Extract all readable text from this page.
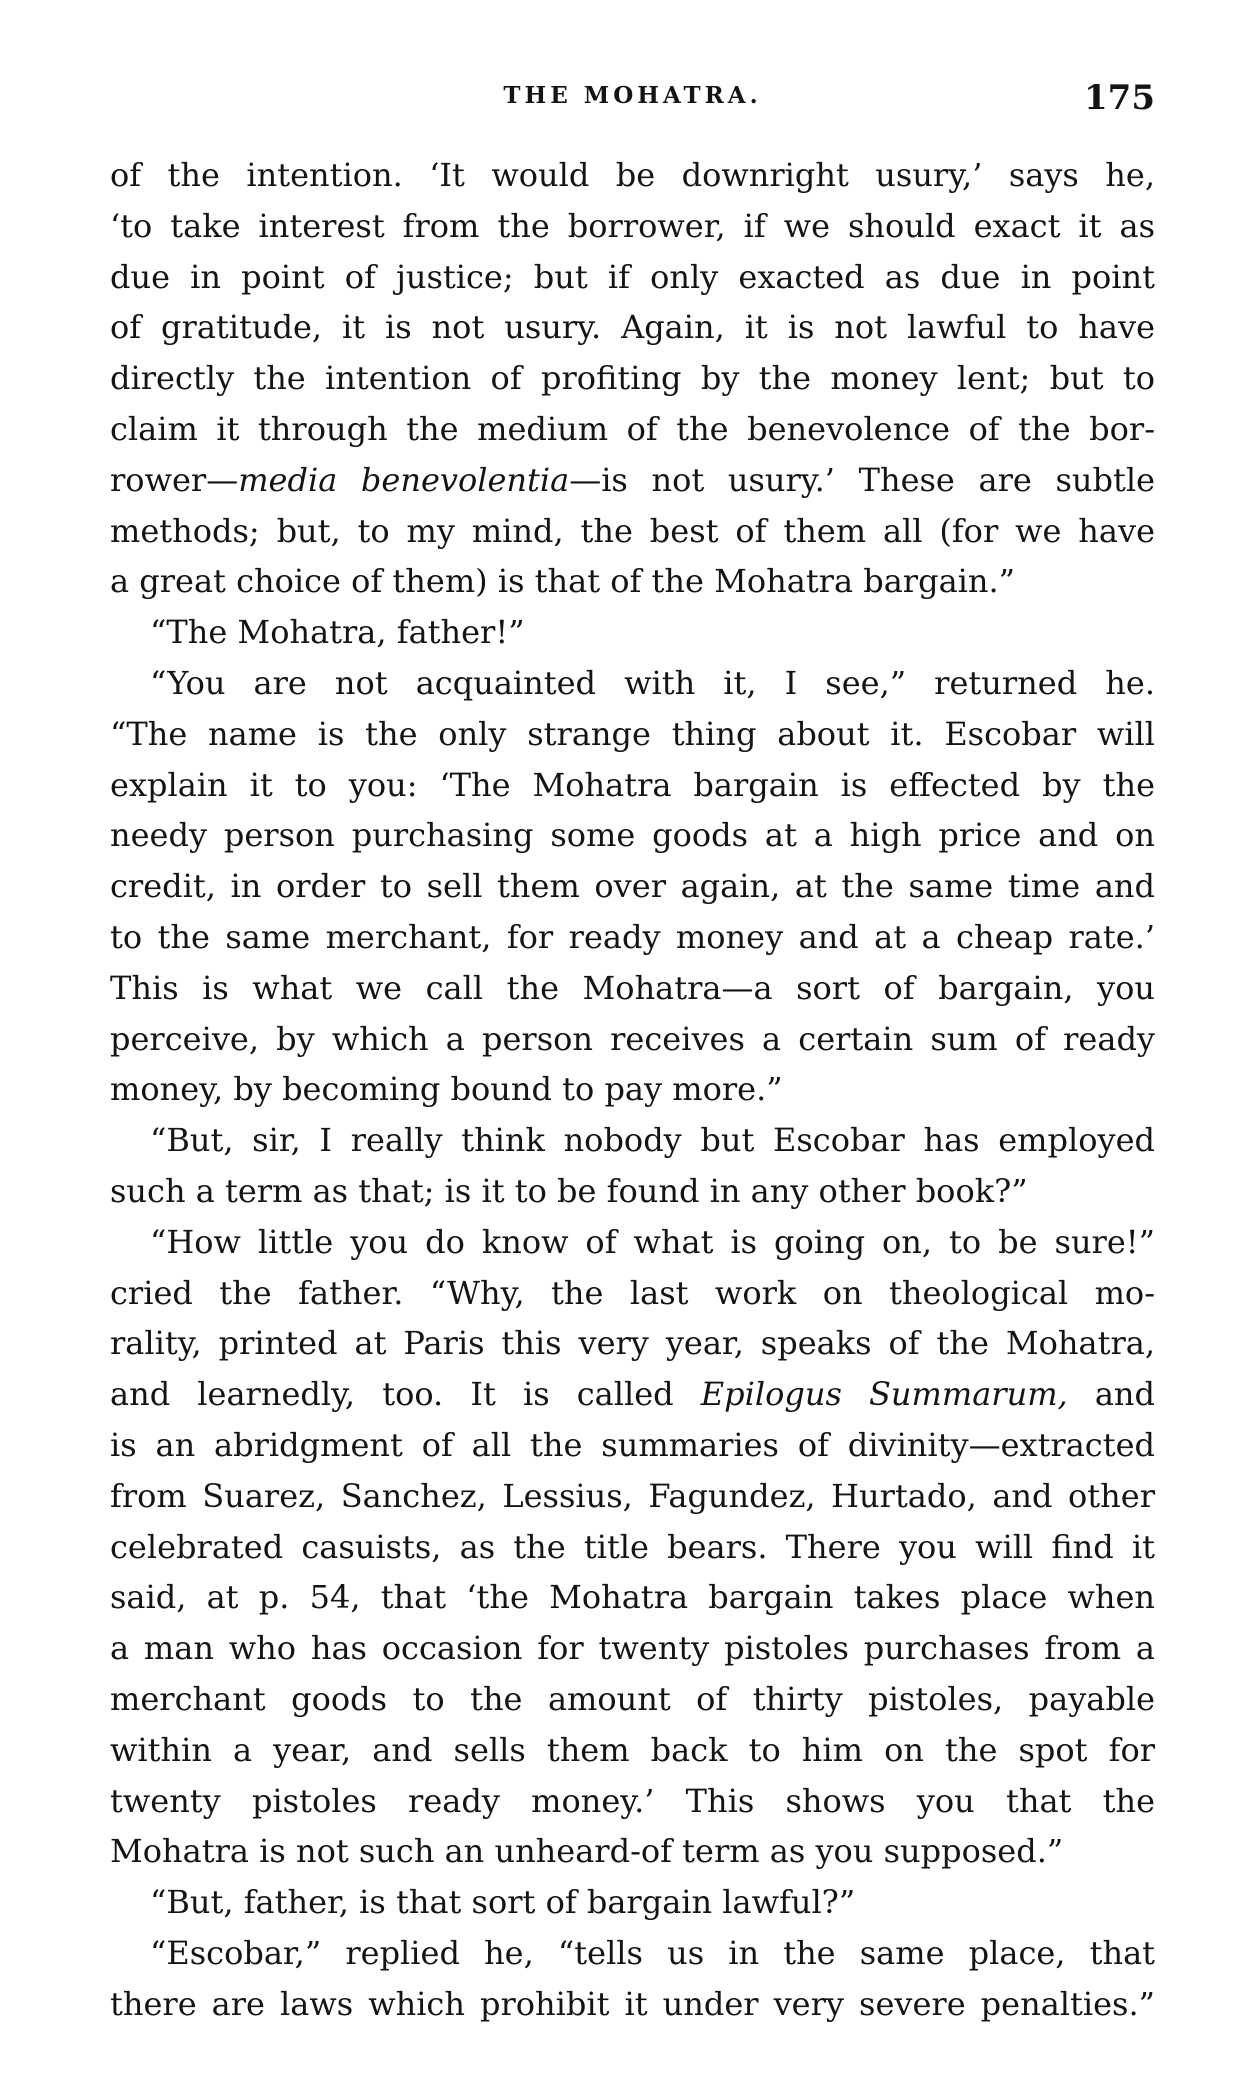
THE MOHATRA.	175
of the intention. ‘It would be downright usury,’ says he,
‘to take interest from the borrower, if we should exact it as
due in point of justice; but if only exacted as due in point
of gratitude, it is not usury. Again, it is not lawful to have
directly the intention of profiting by the money lent; but to
claim it through the medium of the benevolence of the bor-
rower—media benevolentia—is not usury.’ These are subtle
methods; but, to my mind, the best of them all (for we have
a great choice of them) is that of the Mohatra bargain.”
“The Mohatra, father!”
“You are not acquainted with it, I see,” returned he.
“The name is the only strange thing about it. Escobar will
explain it to you: ‘The Mohatra bargain is effected by the
needy person purchasing some goods at a high price and on
credit, in order to sell them over again, at the same time and
to the same merchant, for ready money and at a cheap rate.’
This is what we call the Mohatra—a sort of bargain, you
perceive, by which a person receives a certain sum of ready
money, by becoming bound to pay more.”
“But, sir, I really think nobody but Escobar has employed
such a term as that; is it to be found in any other book?”
“How little you do know of what is going on, to be sure!”
cried the father. “Why, the last work on theological mo-
rality, printed at Paris this very year, speaks of the Mohatra,
and learnedly, too. It is called Epilogus Summarum, and
is an abridgment of all the summaries of divinity—extracted
from Suarez, Sanchez, Lessius, Fagundez, Hurtado, and other
celebrated casuists, as the title bears. There you will find it
said, at p. 54, that ‘the Mohatra bargain takes place when
a man who has occasion for twenty pistoles purchases from a
merchant goods to the amount of thirty pistoles, payable
within a year, and sells them back to him on the spot for
twenty pistoles ready money.’ This shows you that the
Mohatra is not such an unheard-of term as you supposed.”
“But, father, is that sort of bargain lawful?”
“Escobar,” replied he, “tells us in the same place, that
there are laws which prohibit it under very severe penalties.”
